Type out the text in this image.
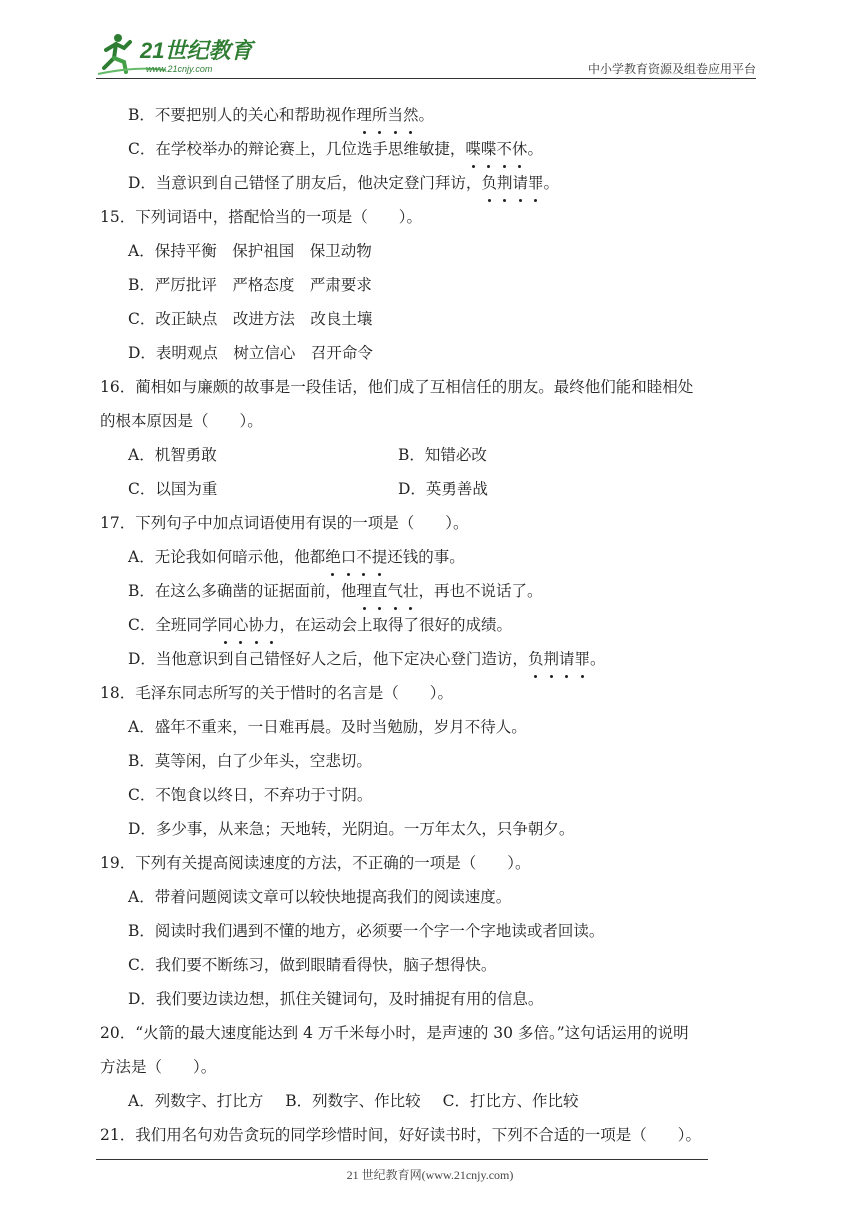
21世纪教育
www.21cnjy.com	中小学教育资源及组卷应用平台
B．不要把别人的关心和帮助视作理所当然。
C．在学校举办的辩论赛上，几位选手思维敏捷，喋喋不休。
D．当意识到自己错怪了朋友后，他决定登门拜访，负荆请罪。
15．下列词语中，搭配恰当的一项是（　　）。
A．保持平衡　保护祖国　保卫动物
B．严厉批评　严格态度　严肃要求
C．改正缺点　改进方法　改良土壤
D．表明观点　树立信心　召开命令
16．蔺相如与廉颇的故事是一段佳话，他们成了互相信任的朋友。最终他们能和睦相处
的根本原因是（　　）。
A．机智勇敢	B．知错必改
C．以国为重	D．英勇善战
17．下列句子中加点词语使用有误的一项是（　　）。
A．无论我如何暗示他，他都绝口不提还钱的事。
B．在这么多确凿的证据面前，他理直气壮，再也不说话了。
C．全班同学同心协力，在运动会上取得了很好的成绩。
D．当他意识到自己错怪好人之后，他下定决心登门造访，负荆请罪。
18．毛泽东同志所写的关于惜时的名言是（　　）。
A．盛年不重来，一日难再晨。及时当勉励，岁月不待人。
B．莫等闲，白了少年头，空悲切。
C．不饱食以终日，不弃功于寸阴。
D．多少事，从来急；天地转，光阴迫。一万年太久，只争朝夕。
19．下列有关提高阅读速度的方法，不正确的一项是（　　）。
A．带着问题阅读文章可以较快地提高我们的阅读速度。
B．阅读时我们遇到不懂的地方，必须要一个字一个字地读或者回读。
C．我们要不断练习，做到眼睛看得快，脑子想得快。
D．我们要边读边想，抓住关键词句，及时捕捉有用的信息。
20．“火箭的最大速度能达到 4 万千米每小时，是声速的 30 多倍。”这句话运用的说明
方法是（　　）。
A．列数字、打比方 B．列数字、作比较 C．打比方、作比较
21．我们用名句劝告贪玩的同学珍惜时间，好好读书时，下列不合适的一项是（　　）。
21 世纪教育网(www.21cnjy.com)
